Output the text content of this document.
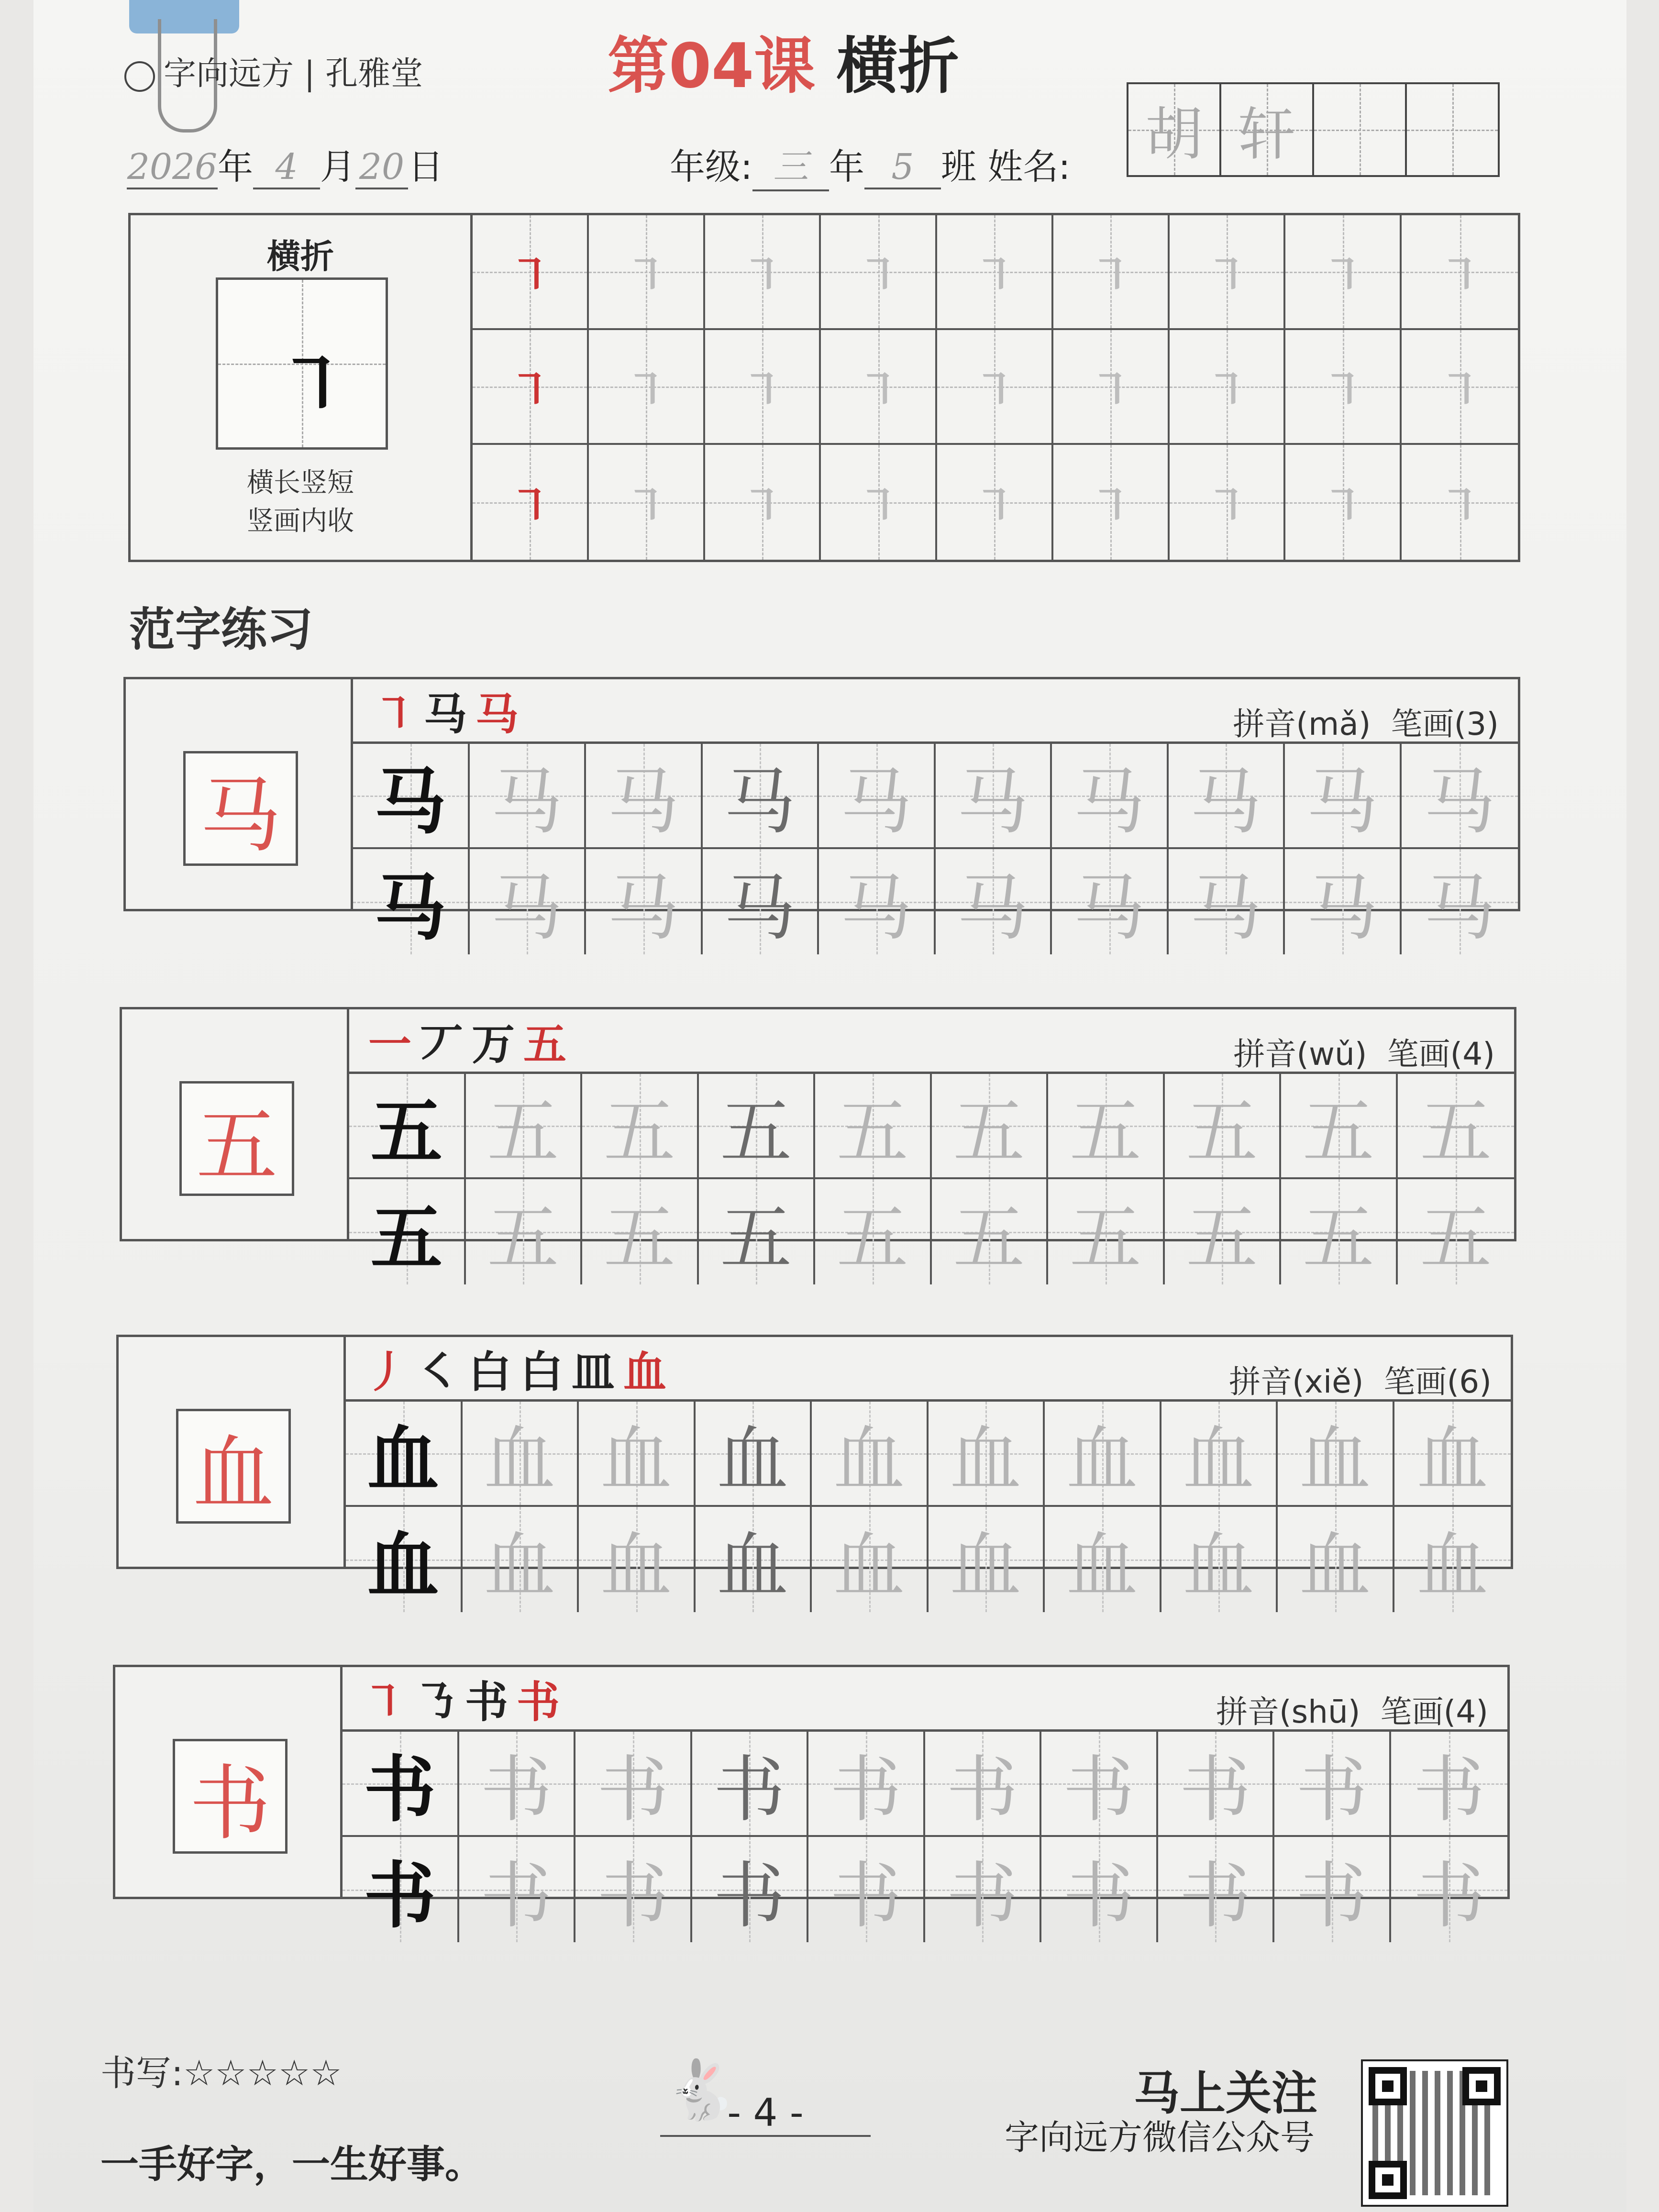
字向远方 | 孔雅堂	第04课 横折
2026年 4 月 20 日	年级: 三 年 5 班 姓名: 胡 轩
横折
㇕
横长竖短
竖画内收
㇕ ㇕ ㇕ ㇕ ㇕ ㇕ ㇕ ㇕ ㇕
㇕ ㇕ ㇕ ㇕ ㇕ ㇕ ㇕ ㇕ ㇕
㇕ ㇕ ㇕ ㇕ ㇕ ㇕ ㇕ ㇕ ㇕
范字练习
马
㇕马马	拼音(mǎ) 笔画(3)
马 马 马 马 马 马 马 马 马 马
马 马 马 马 马 马 马 马 马 马
五
一丆万五	拼音(wǔ) 笔画(4)
五 五 五 五 五 五 五 五 五 五
五 五 五 五 五 五 五 五 五 五
血
丿㇛白白皿血	拼音(xiě) 笔画(6)
血 血 血 血 血 血 血 血 血 血
血 血 血 血 血 血 血 血 血 血
书
㇕㇡书书	拼音(shū) 笔画(4)
书 书 书 书 书 书 书 书 书 书
书 书 书 书 书 书 书 书 书 书
书写:☆☆☆☆☆
一手好字，一生好事。
🐇
- 4 -	马上关注
字向远方微信公众号
